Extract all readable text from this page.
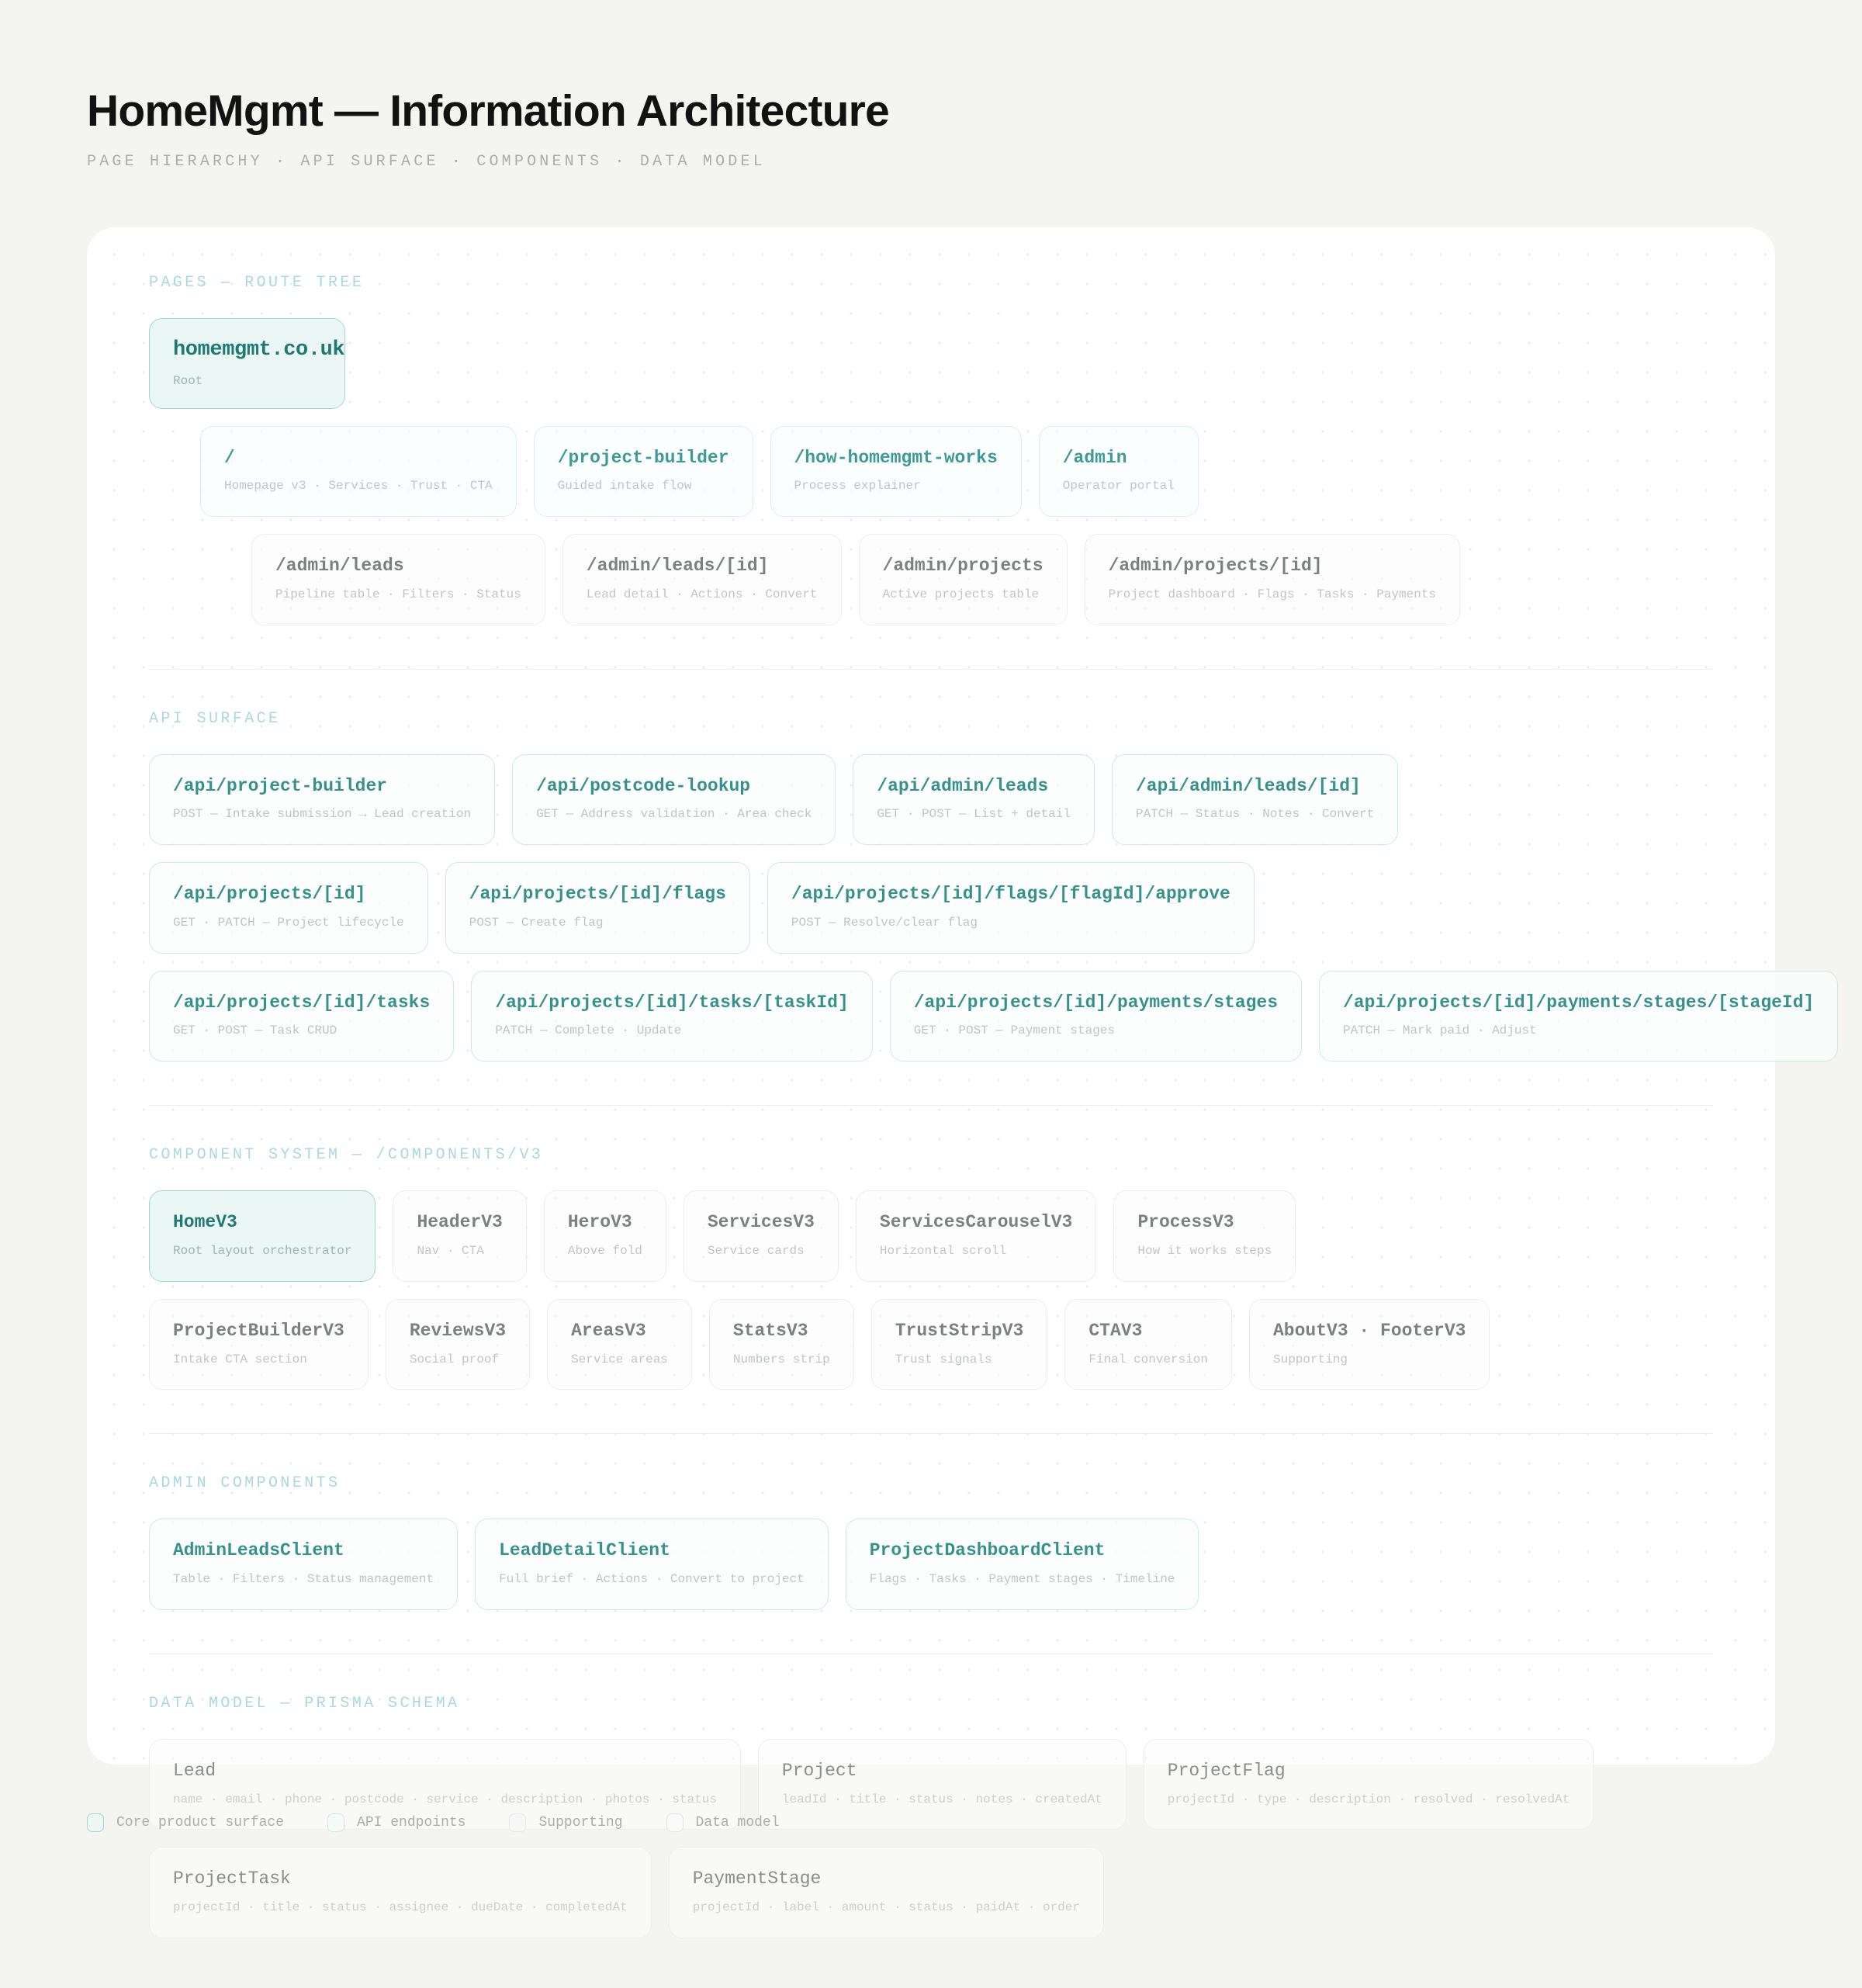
HomeMgmt — Information Architecture
PAGE HIERARCHY · API SURFACE · COMPONENTS · DATA MODEL
PAGES — ROUTE TREE
homemgmt.co.uk
Root
/
Homepage v3 · Services · Trust · CTA
/project-builder
Guided intake flow
/how-homemgmt-works
Process explainer
/admin
Operator portal
/admin/leads
Pipeline table · Filters · Status
/admin/leads/[id]
Lead detail · Actions · Convert
/admin/projects
Active projects table
/admin/projects/[id]
Project dashboard · Flags · Tasks · Payments
API SURFACE
/api/project-builder
POST — Intake submission → Lead creation
/api/postcode-lookup
GET — Address validation · Area check
/api/admin/leads
GET · POST — List + detail
/api/admin/leads/[id]
PATCH — Status · Notes · Convert
/api/projects/[id]
GET · PATCH — Project lifecycle
/api/projects/[id]/flags
POST — Create flag
/api/projects/[id]/flags/[flagId]/approve
POST — Resolve/clear flag
/api/projects/[id]/tasks
GET · POST — Task CRUD
/api/projects/[id]/tasks/[taskId]
PATCH — Complete · Update
/api/projects/[id]/payments/stages
GET · POST — Payment stages
/api/projects/[id]/payments/stages/[stageId]
PATCH — Mark paid · Adjust
COMPONENT SYSTEM — /COMPONENTS/V3
HomeV3
Root layout orchestrator
HeaderV3
Nav · CTA
HeroV3
Above fold
ServicesV3
Service cards
ServicesCarouselV3
Horizontal scroll
ProcessV3
How it works steps
ProjectBuilderV3
Intake CTA section
ReviewsV3
Social proof
AreasV3
Service areas
StatsV3
Numbers strip
TrustStripV3
Trust signals
CTAV3
Final conversion
AboutV3 · FooterV3
Supporting
ADMIN COMPONENTS
AdminLeadsClient
Table · Filters · Status management
LeadDetailClient
Full brief · Actions · Convert to project
ProjectDashboardClient
Flags · Tasks · Payment stages · Timeline
DATA MODEL — PRISMA SCHEMA
Lead
name · email · phone · postcode · service · description · photos · status
Project
leadId · title · status · notes · createdAt
ProjectFlag
projectId · type · description · resolved · resolvedAt
ProjectTask
projectId · title · status · assignee · dueDate · completedAt
PaymentStage
projectId · label · amount · status · paidAt · order
Core product surface	API endpoints	Supporting	Data model
